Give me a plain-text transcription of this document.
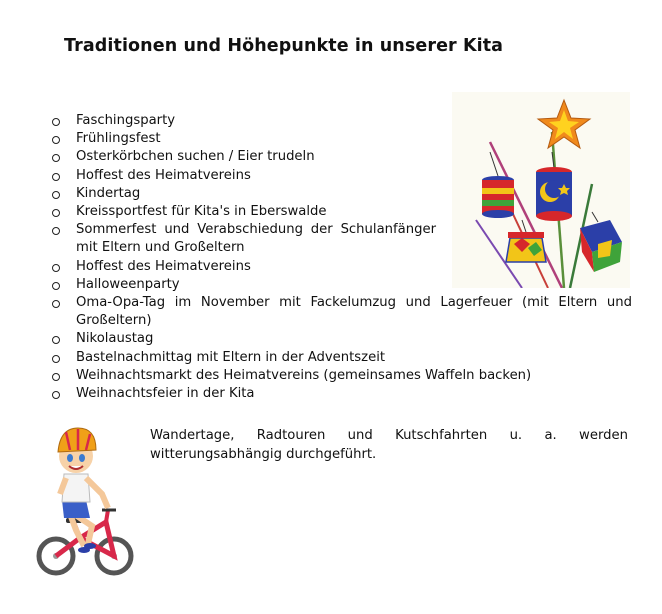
Traditionen und Höhepunkte in unserer Kita
Faschingsparty
Frühlingsfest
Osterkörbchen suchen / Eier trudeln
Hoffest des Heimatvereins
Kindertag
Kreissportfest für Kita's in Eberswalde
Sommerfest und Verabschiedung der Schulanfänger mit Eltern und Großeltern
Hoffest des Heimatvereins
Halloweenparty
Oma-Opa-Tag im November mit Fackelumzug und Lagerfeuer (mit Eltern und Großeltern)
Nikolaustag
Bastelnachmittag mit Eltern in der Adventszeit
Weihnachtsmarkt des Heimatvereins (gemeinsames Waffeln backen)
Weihnachtsfeier in der Kita

Wandertage, Radtouren und Kutschfahrten u. a. werden witterungsabhängig durchgeführt.
